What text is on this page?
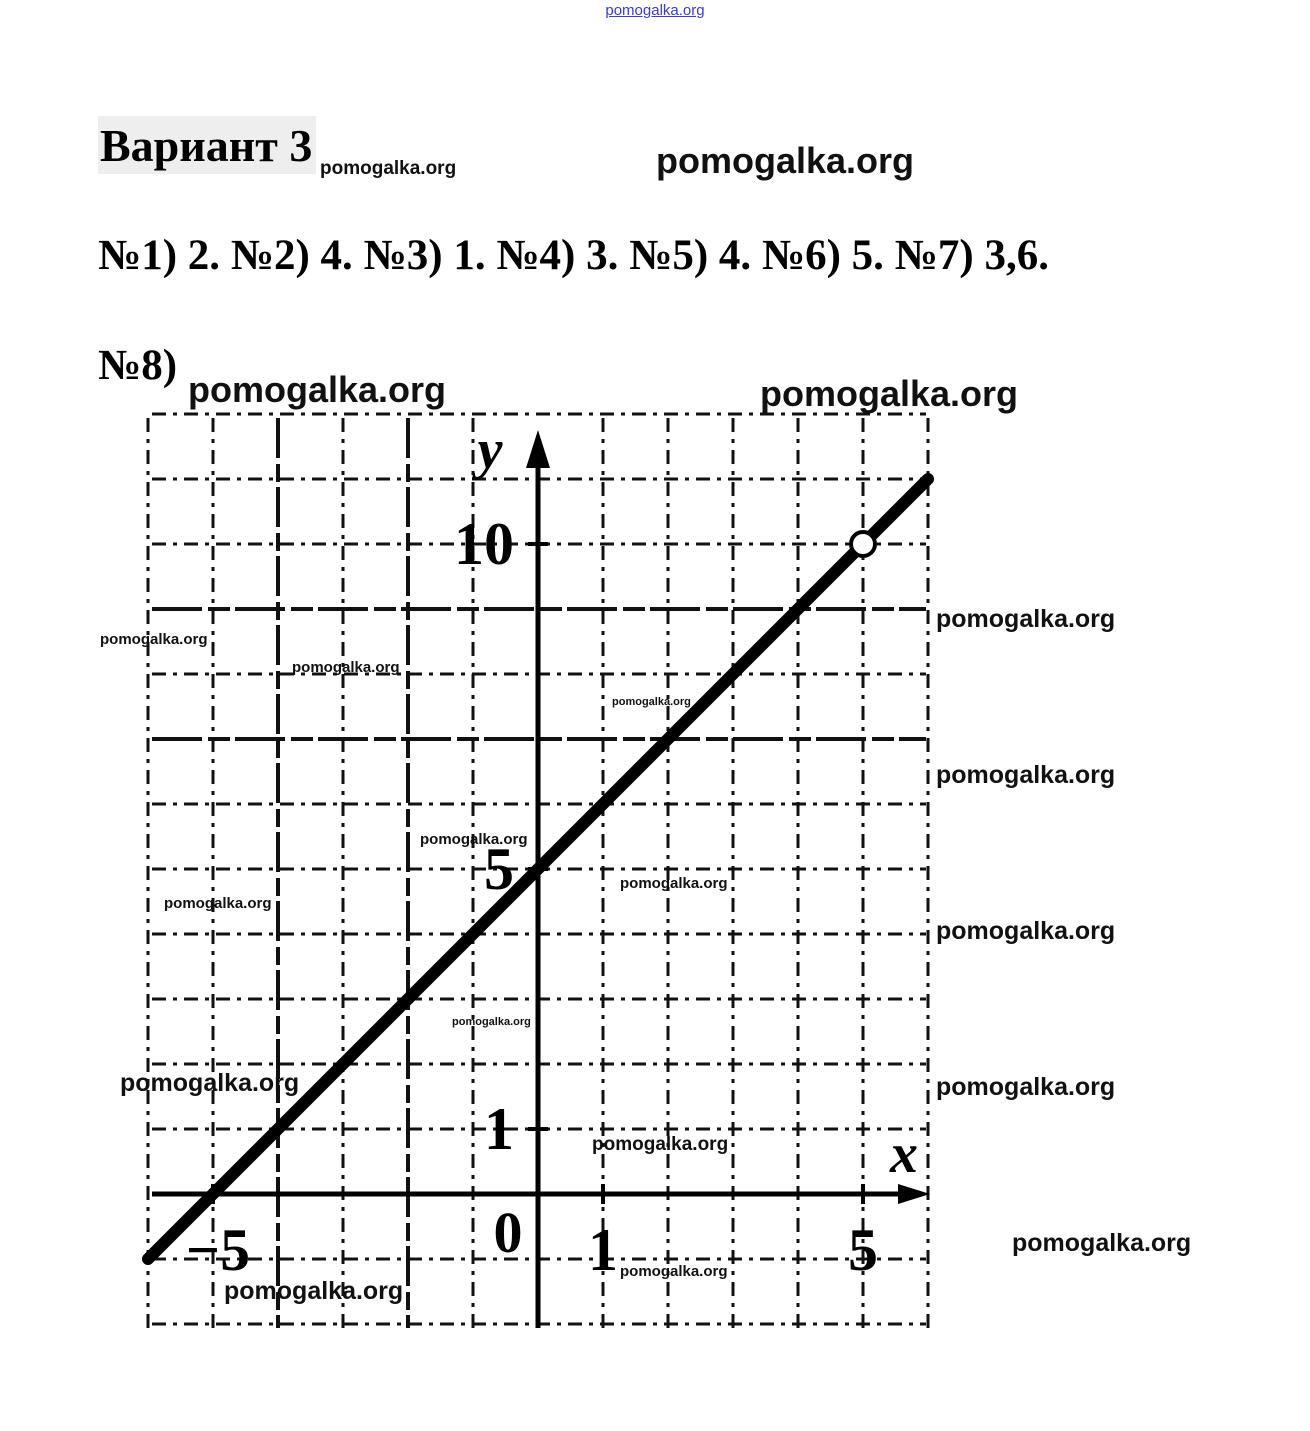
pomogalka.org
Вариант 3
№1) 2. №2) 4. №3) 1. №4) 3. №5) 4. №6) 5. №7) 3,6.
−5	1	5
1
5
10
0
x
y
№8)
pomogalka.org	pomogalka.org
pomogalka.org	pomogalka.org
pomogalka.org
pomogalka.org
pomogalka.org
pomogalka.org
pomogalka.org
pomogalka.org
pomogalka.org
pomogalka.org
pomogalka.org
pomogalka.org
pomogalka.org	pomogalka.org
pomogalka.org
pomogalka.org
pomogalka.org
pomogalka.org
